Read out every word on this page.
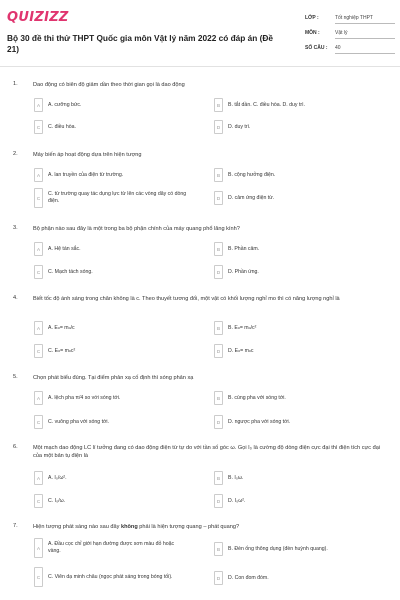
QUIZIZZ
Bộ 30 đề thi thử THPT Quốc gia môn Vật lý năm 2022 có đáp án (Đề 21)
LỚP :	Tốt nghiệp THPT
MÔN :	Vật lý
SỐ CÂU : 40
1.	Dao động có biên độ giảm dần theo thời gian gọi là dao động
A	A. cưỡng bức.	B	B. tắt dần. C. điều hòa. D. duy trì.
C	C. điều hòa.	D	D. duy trì.
2.	Máy biến áp hoạt động dựa trên hiện tượng
A	A. lan truyền của điện từ trường.	B	B. cộng hưởng điện.
C
C. từ trường quay tác dụng lực từ lên các vòng dây có dòng điện.	D	D. cảm ứng điện từ.
3.	Bộ phận nào sau đây là một trong ba bộ phận chính của máy quang phổ lăng kính?
A	A. Hệ tán sắc.	B	B. Phần cảm.
C	C. Mạch tách sóng.	D	D. Phần ứng.
4.	Biết tốc độ ánh sáng trong chân không là c. Theo thuyết tương đối, một vật có khối lượng nghỉ mo thì có năng lượng nghỉ là
A	A. E o = m o /c	B	B. E o = m o /c²
C	C. E o = m o c²	D	D. E o = m o c
5.	Chọn phát biểu đúng. Tại điểm phản xạ cố định thì sóng phản xạ
A	A. lệch pha π/4 so với sóng tới.	B	B. cùng pha với sóng tới.
C	C. vuông pha với sóng tới.	D	D. ngược pha với sóng tới.
6.	Một mạch dao động LC lí tưởng đang có dao động điện từ tự do với tần số góc ω. Gọi I₀ là cường độ dòng điện cực đại thì điện tích cực đại của một bản tụ điện là
A	A. I₀/ω².	B	B. I₀ω.
C	C. I₀/ω.	D	D. I₀ω².
7.	Hiện tượng phát sáng nào sau đây không phải là hiện tượng quang – phát quang?
A
A. Đầu cọc chỉ giới hạn đường được sơn màu đỏ hoặc vàng.	B	B. Đèn ống thông dụng (đèn huỳnh quang).
C	C. Viên dạ minh châu (ngọc phát sáng trong bóng tối).	D	D. Con đom đóm.
